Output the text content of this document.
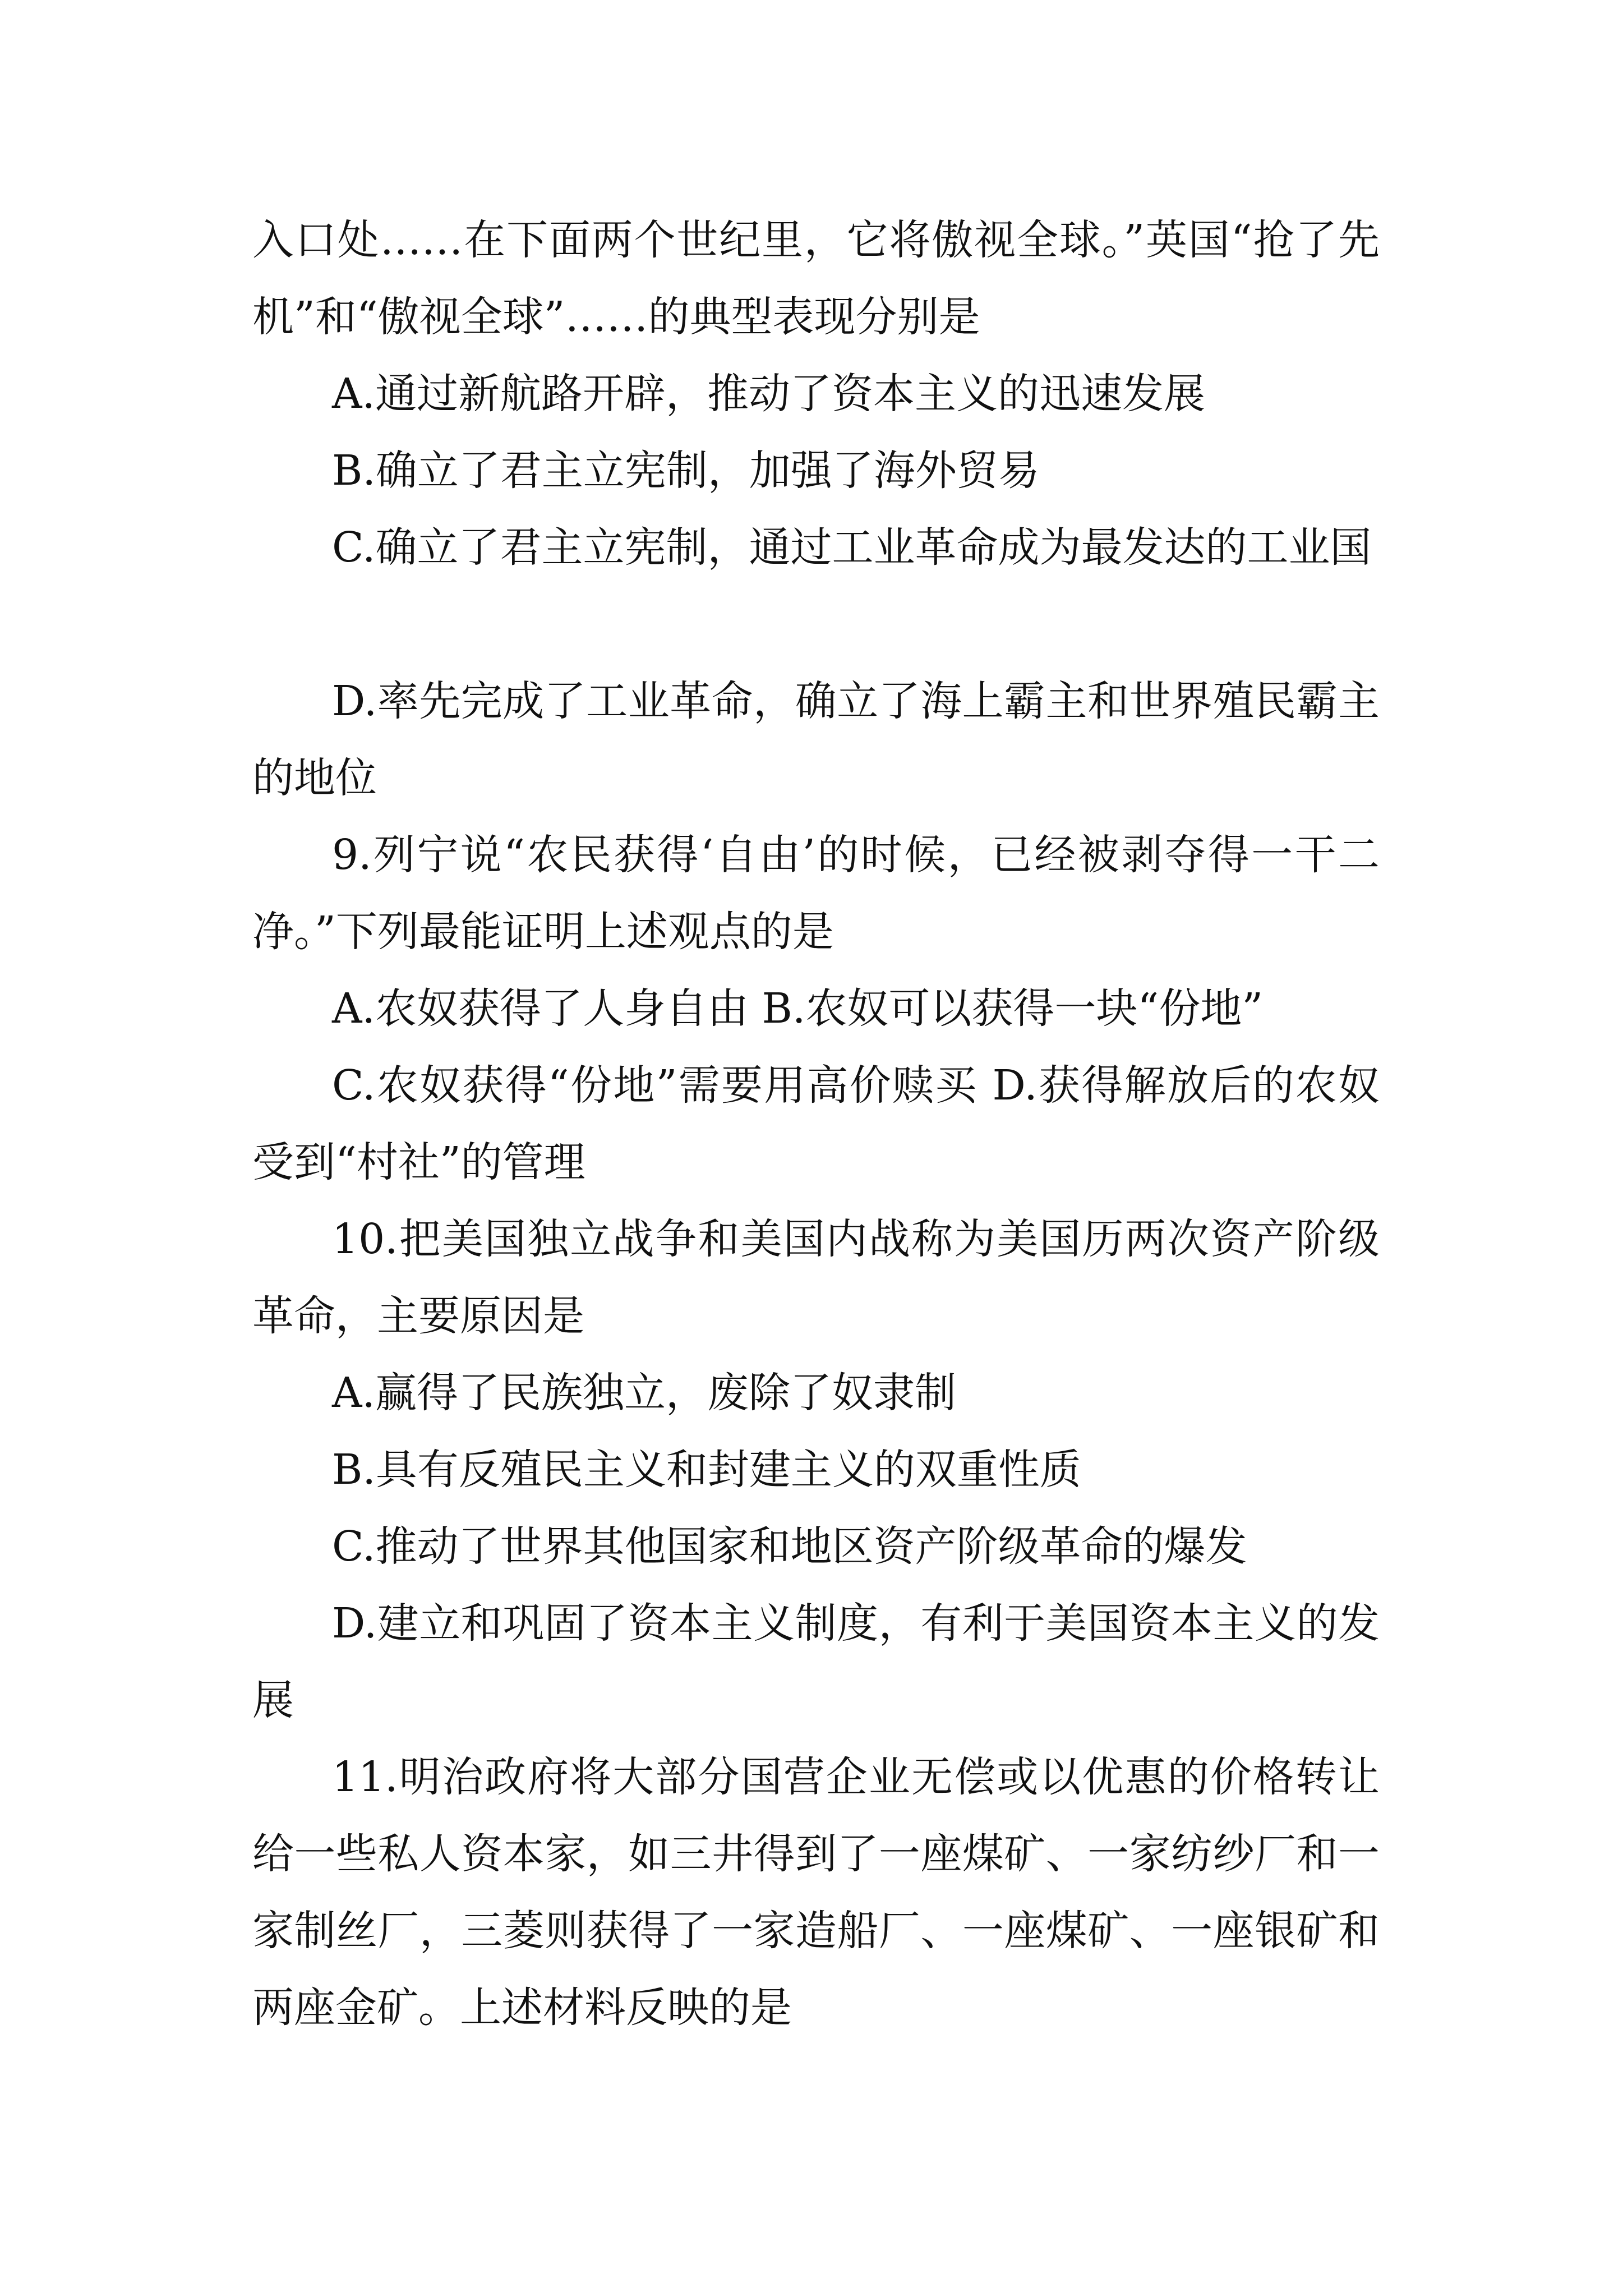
入口处……在下面两个世纪里，它将傲视全球。”英国“抢了先机”和“傲视全球”……的典型表现分别是

A.通过新航路开辟，推动了资本主义的迅速发展

B.确立了君主立宪制，加强了海外贸易

C.确立了君主立宪制，通过工业革命成为最发达的工业国

D.率先完成了工业革命，确立了海上霸主和世界殖民霸主的地位

9.列宁说“农民获得‘自由’的时候，已经被剥夺得一干二净。”下列最能证明上述观点的是

A.农奴获得了人身自由 B.农奴可以获得一块“份地”

C.农奴获得“份地”需要用高价赎买 D.获得解放后的农奴受到“村社”的管理

10.把美国独立战争和美国内战称为美国历两次资产阶级革命，主要原因是

A.赢得了民族独立，废除了奴隶制

B.具有反殖民主义和封建主义的双重性质

C.推动了世界其他国家和地区资产阶级革命的爆发

D.建立和巩固了资本主义制度，有利于美国资本主义的发展

11.明治政府将大部分国营企业无偿或以优惠的价格转让给一些私人资本家，如三井得到了一座煤矿、一家纺纱厂和一家制丝厂，三菱则获得了一家造船厂、一座煤矿、一座银矿和两座金矿。上述材料反映的是
